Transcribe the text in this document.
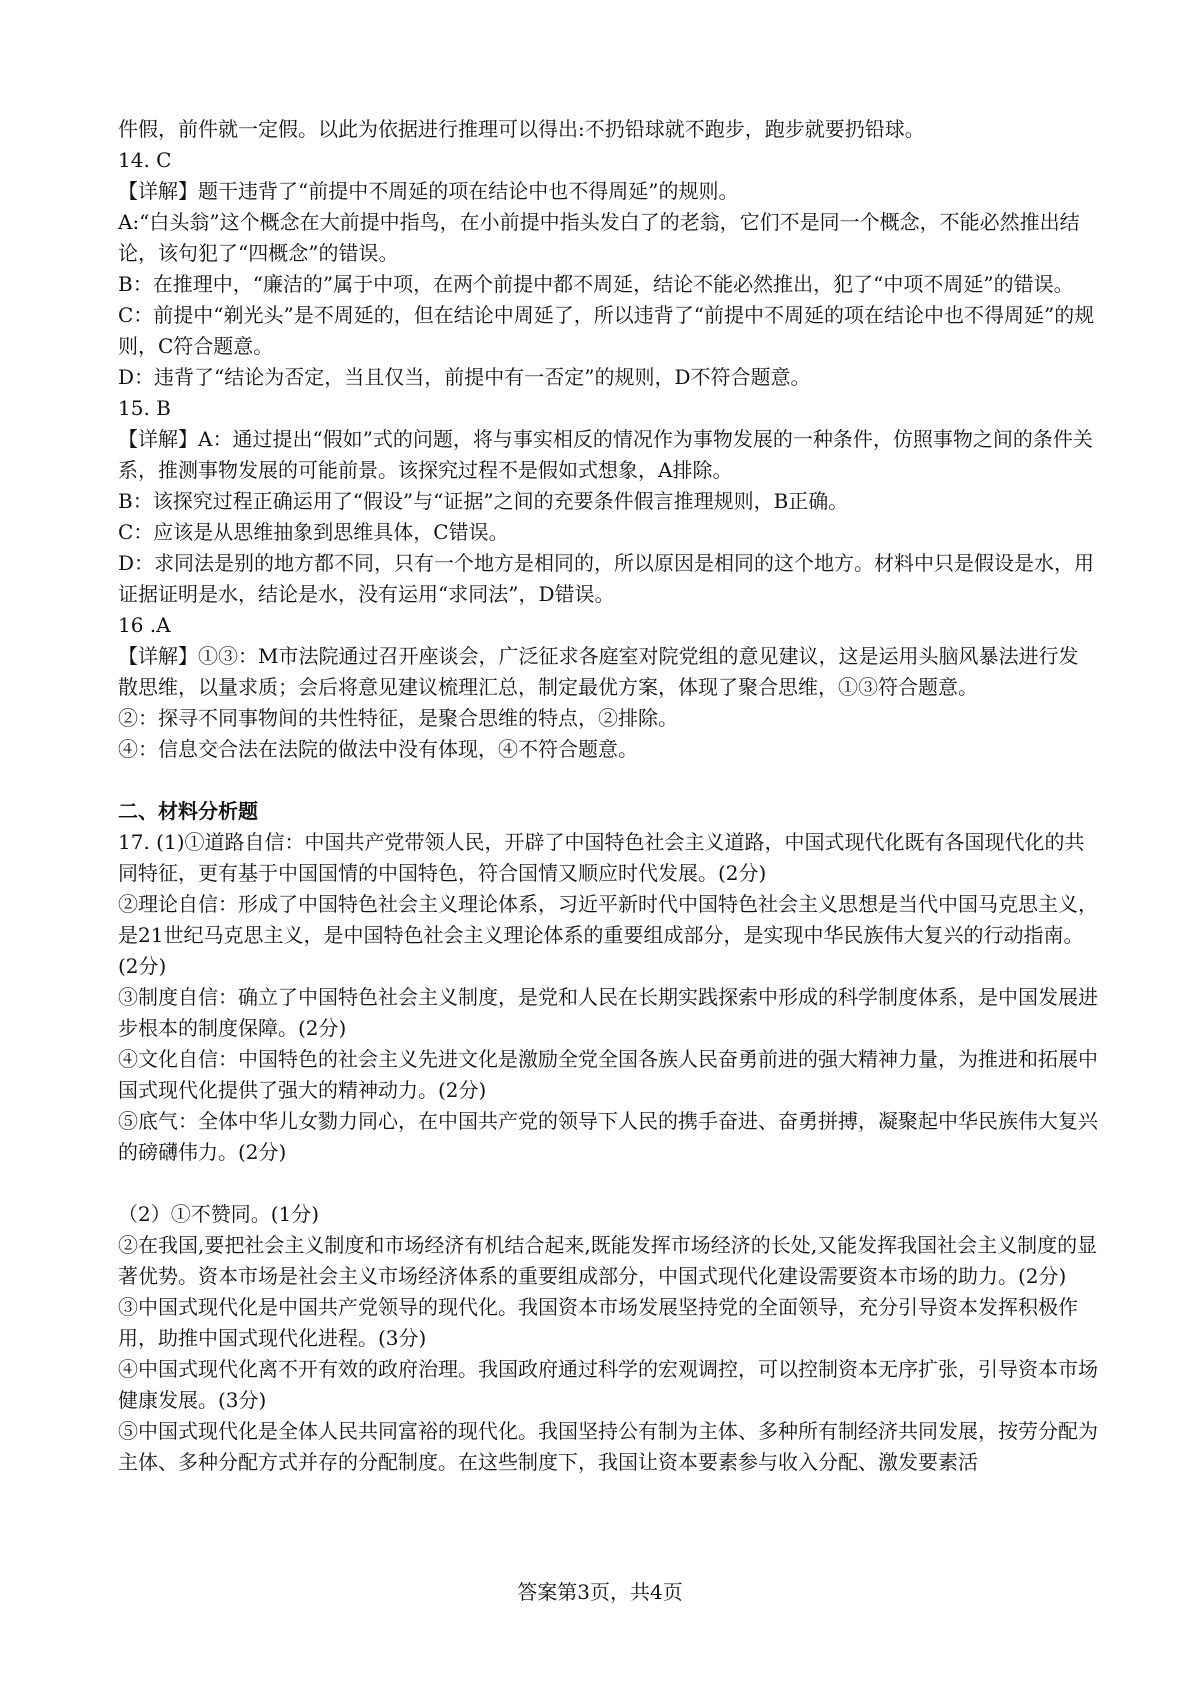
件假，前件就一定假。以此为依据进行推理可以得出:不扔铅球就不跑步，跑步就要扔铅球。

14. C

【详解】题干违背了“前提中不周延的项在结论中也不得周延”的规则。

A:“白头翁”这个概念在大前提中指鸟，在小前提中指头发白了的老翁，它们不是同一个概念，不能必然推出结论，该句犯了“四概念”的错误。

B：在推理中，“廉洁的”属于中项，在两个前提中都不周延，结论不能必然推出，犯了“中项不周延”的错误。

C：前提中“剃光头”是不周延的，但在结论中周延了，所以违背了“前提中不周延的项在结论中也不得周延”的规则，C符合题意。

D：违背了“结论为否定，当且仅当，前提中有一否定”的规则，D不符合题意。

15. B

【详解】A：通过提出“假如”式的问题，将与事实相反的情况作为事物发展的一种条件，仿照事物之间的条件关系，推测事物发展的可能前景。该探究过程不是假如式想象，A排除。

B：该探究过程正确运用了“假设”与“证据”之间的充要条件假言推理规则，B正确。

C：应该是从思维抽象到思维具体，C错误。

D：求同法是别的地方都不同，只有一个地方是相同的，所以原因是相同的这个地方。材料中只是假设是水，用证据证明是水，结论是水，没有运用“求同法”，D错误。

16 .A

【详解】①③：M市法院通过召开座谈会，广泛征求各庭室对院党组的意见建议，这是运用头脑风暴法进行发散思维，以量求质；会后将意见建议梳理汇总，制定最优方案，体现了聚合思维，①③符合题意。

②：探寻不同事物间的共性特征，是聚合思维的特点，②排除。

④：信息交合法在法院的做法中没有体现，④不符合题意。

二、材料分析题

17. (1)①道路自信：中国共产党带领人民，开辟了中国特色社会主义道路，中国式现代化既有各国现代化的共同特征，更有基于中国国情的中国特色，符合国情又顺应时代发展。(2分)

②理论自信：形成了中国特色社会主义理论体系，习近平新时代中国特色社会主义思想是当代中国马克思主义，是21世纪马克思主义，是中国特色社会主义理论体系的重要组成部分，是实现中华民族伟大复兴的行动指南。(2分)

③制度自信：确立了中国特色社会主义制度，是党和人民在长期实践探索中形成的科学制度体系，是中国发展进步根本的制度保障。(2分)

④文化自信：中国特色的社会主义先进文化是激励全党全国各族人民奋勇前进的强大精神力量，为推进和拓展中国式现代化提供了强大的精神动力。(2分)

⑤底气：全体中华儿女勠力同心，在中国共产党的领导下人民的携手奋进、奋勇拼搏，凝聚起中华民族伟大复兴的磅礴伟力。(2分)

（2）①不赞同。(1分)

②在我国,要把社会主义制度和市场经济有机结合起来,既能发挥市场经济的长处,又能发挥我国社会主义制度的显著优势。资本市场是社会主义市场经济体系的重要组成部分，中国式现代化建设需要资本市场的助力。(2分)

③中国式现代化是中国共产党领导的现代化。我国资本市场发展坚持党的全面领导，充分引导资本发挥积极作用，助推中国式现代化进程。(3分)

④中国式现代化离不开有效的政府治理。我国政府通过科学的宏观调控，可以控制资本无序扩张，引导资本市场健康发展。(3分)

⑤中国式现代化是全体人民共同富裕的现代化。我国坚持公有制为主体、多种所有制经济共同发展，按劳分配为主体、多种分配方式并存的分配制度。在这些制度下，我国让资本要素参与收入分配、激发要素活

答案第3页，共4页
